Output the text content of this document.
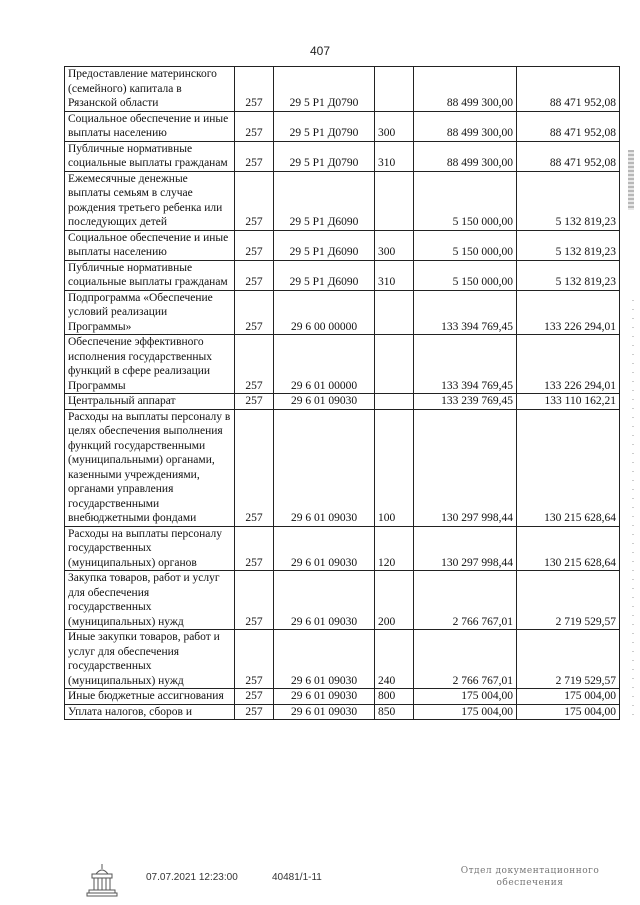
407
Предоставление материнского (семейного) капитала в Рязанской области	257	29 5 Р1 Д0790		88 499 300,00	88 471 952,08
Социальное обеспечение и иные выплаты населению	257	29 5 Р1 Д0790	300	88 499 300,00	88 471 952,08
Публичные нормативные социальные выплаты гражданам	257	29 5 Р1 Д0790	310	88 499 300,00	88 471 952,08
Ежемесячные денежные выплаты семьям в случае рождения третьего ребенка или последующих детей	257	29 5 Р1 Д6090		5 150 000,00	5 132 819,23
Социальное обеспечение и иные выплаты населению	257	29 5 Р1 Д6090	300	5 150 000,00	5 132 819,23
Публичные нормативные социальные выплаты гражданам	257	29 5 Р1 Д6090	310	5 150 000,00	5 132 819,23
Подпрограмма «Обеспечение условий реализации Программы»	257	29 6 00 00000		133 394 769,45	133 226 294,01
Обеспечение эффективного исполнения государственных функций в сфере реализации Программы	257	29 6 01 00000		133 394 769,45	133 226 294,01
Центральный аппарат	257	29 6 01 09030		133 239 769,45	133 110 162,21
Расходы на выплаты персоналу в целях обеспечения выполнения функций государственными (муниципальными) органами, казенными учреждениями, органами управления государственными внебюджетными фондами	257	29 6 01 09030	100	130 297 998,44	130 215 628,64
Расходы на выплаты персоналу государственных (муниципальных) органов	257	29 6 01 09030	120	130 297 998,44	130 215 628,64
Закупка товаров, работ и услуг для обеспечения государственных (муниципальных) нужд	257	29 6 01 09030	200	2 766 767,01	2 719 529,57
Иные закупки товаров, работ и услуг для обеспечения государственных (муниципальных) нужд	257	29 6 01 09030	240	2 766 767,01	2 719 529,57
Иные бюджетные ассигнования	257	29 6 01 09030	800	175 004,00	175 004,00
Уплата налогов, сборов и	257	29 6 01 09030	850	175 004,00	175 004,00
07.07.2021 12:23:00	40481/1-11
Отдел документационного
обеспечения
